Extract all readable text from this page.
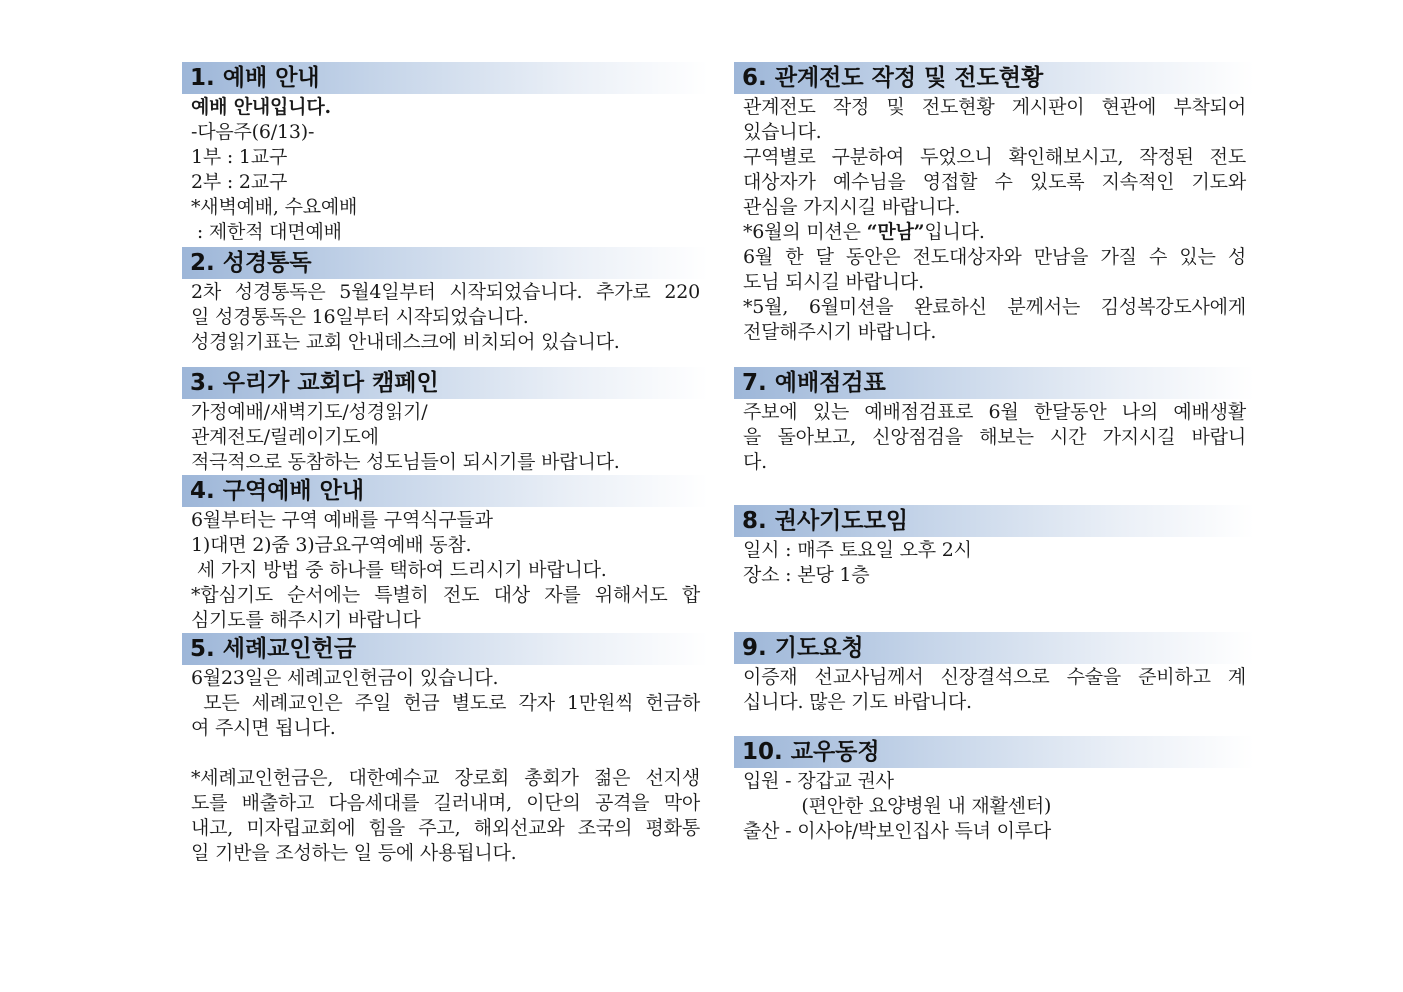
1. 예배 안내
예배 안내입니다.
-다음주(6/13)-
1부 : 1교구
2부 : 2교구
*새벽예배, 수요예배
: 제한적 대면예배
2. 성경통독
2차 성경통독은 5월4일부터 시작되었습니다. 추가로 220
일 성경통독은 16일부터 시작되었습니다.
성경읽기표는 교회 안내데스크에 비치되어 있습니다.
3. 우리가 교회다 캠페인
가정예배/새벽기도/성경읽기/
관계전도/릴레이기도에
적극적으로 동참하는 성도님들이 되시기를 바랍니다.
4. 구역예배 안내
6월부터는 구역 예배를 구역식구들과
1)대면 2)줌 3)금요구역예배 동참.
세 가지 방법 중 하나를 택하여 드리시기 바랍니다.
*합심기도 순서에는 특별히 전도 대상 자를 위해서도 합
심기도를 해주시기 바랍니다
5. 세례교인헌금
6월23일은 세례교인헌금이 있습니다.
모든 세례교인은 주일 헌금 별도로 각자 1만원씩 헌금하
여 주시면 됩니다.
*세례교인헌금은, 대한예수교 장로회 총회가 젊은 선지생
도를 배출하고 다음세대를 길러내며, 이단의 공격을 막아
내고, 미자립교회에 힘을 주고, 해외선교와 조국의 평화통
일 기반을 조성하는 일 등에 사용됩니다.
6. 관계전도 작정 및 전도현황
관계전도 작정 및 전도현황 게시판이 현관에 부착되어
있습니다.
구역별로 구분하여 두었으니 확인해보시고, 작정된 전도
대상자가 예수님을 영접할 수 있도록 지속적인 기도와
관심을 가지시길 바랍니다.
*6월의 미션은 “만남”입니다.
6월 한 달 동안은 전도대상자와 만남을 가질 수 있는 성
도님 되시길 바랍니다.
*5월, 6월미션을 완료하신 분께서는 김성복강도사에게
전달해주시기 바랍니다.
7. 예배점검표
주보에 있는 예배점검표로 6월 한달동안 나의 예배생활
을 돌아보고, 신앙점검을 해보는 시간 가지시길 바랍니
다.
8. 권사기도모임
일시 : 매주 토요일 오후 2시
장소 : 본당 1층
9. 기도요청
이증재 선교사님께서 신장결석으로 수술을 준비하고 계
십니다. 많은 기도 바랍니다.
10. 교우동정
입원 - 장갑교 권사
(편안한 요양병원 내 재활센터)
출산 - 이사야/박보인집사 득녀 이루다
